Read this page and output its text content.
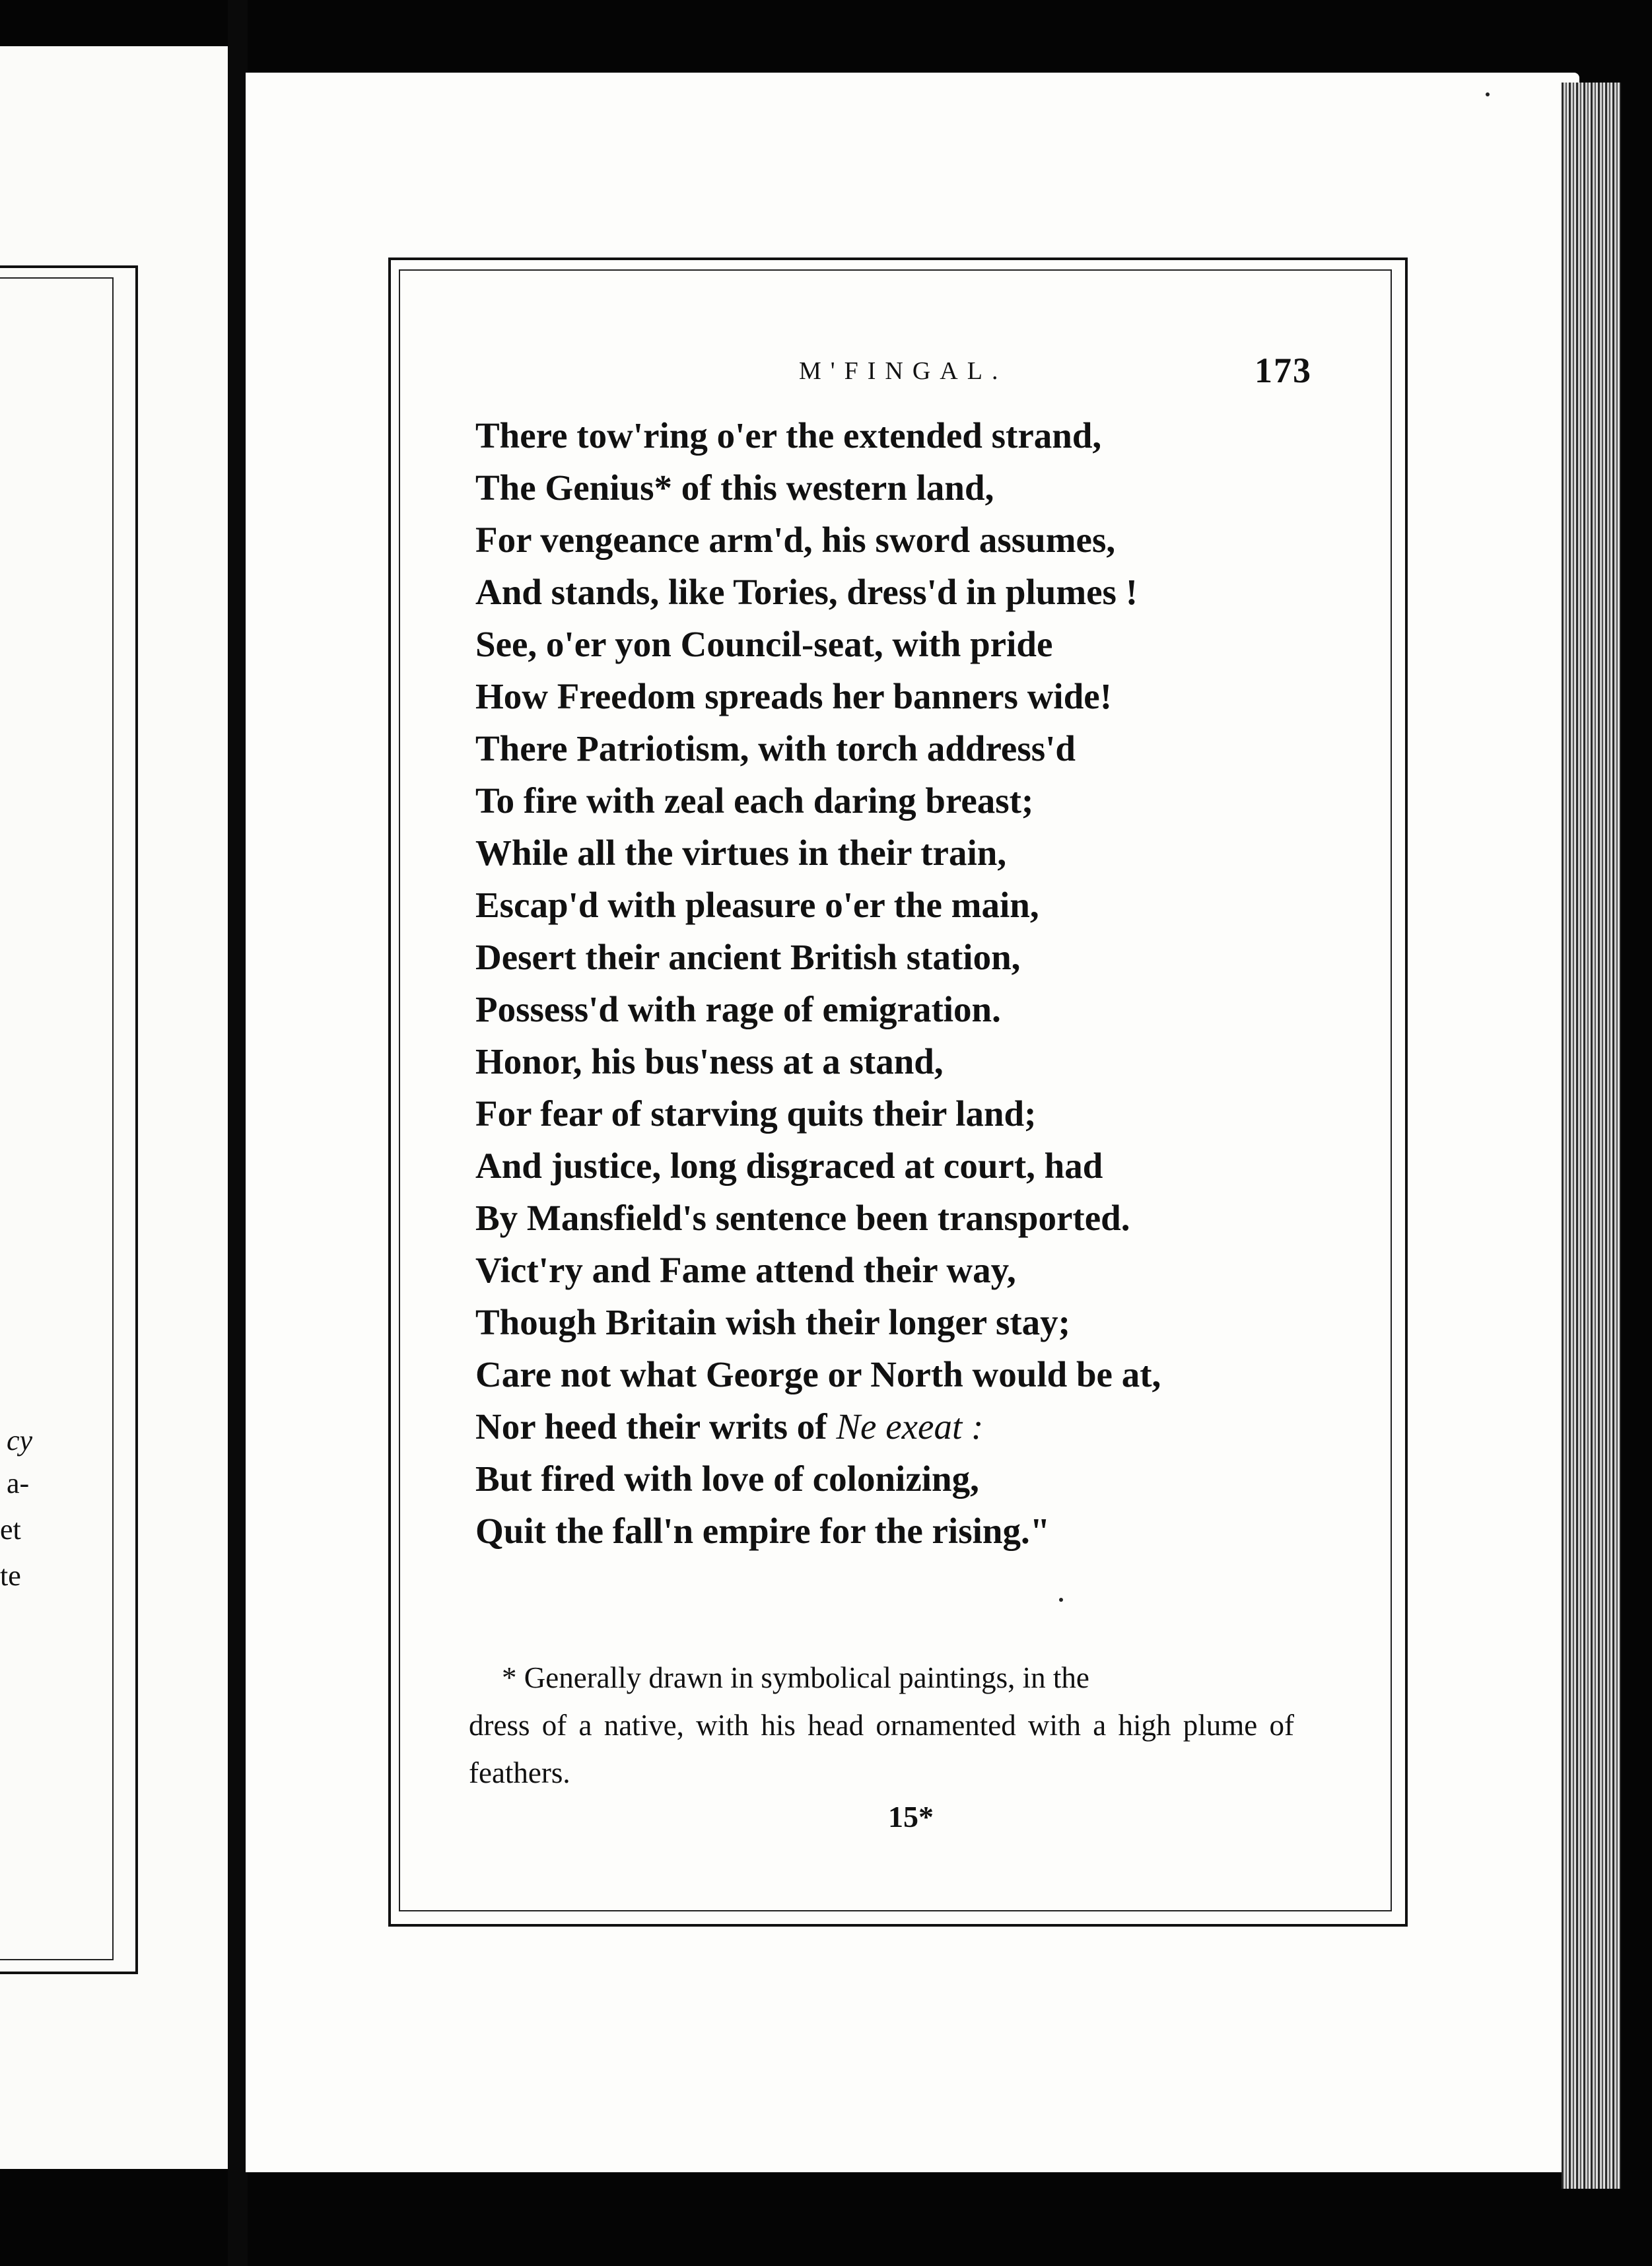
cy
a-
et
te
M'FINGAL.	173
There tow'ring o'er the extended strand,
The Genius* of this western land,
For vengeance arm'd, his sword assumes,
And stands, like Tories, dress'd in plumes !
See, o'er yon Council-seat, with pride
How Freedom spreads her banners wide!
There Patriotism, with torch address'd
To fire with zeal each daring breast;
While all the virtues in their train,
Escap'd with pleasure o'er the main,
Desert their ancient British station,
Possess'd with rage of emigration.
Honor, his bus'ness at a stand,
For fear of starving quits their land;
And justice, long disgraced at court, had
By Mansfield's sentence been transported.
Vict'ry and Fame attend their way,
Though Britain wish their longer stay;
Care not what George or North would be at,
Nor heed their writs of Ne exeat :
But fired with love of colonizing,
Quit the fall'n empire for the rising."
* Generally drawn in symbolical paintings, in the
dress of a native, with his head ornamented with a high plume of feathers.
15*
